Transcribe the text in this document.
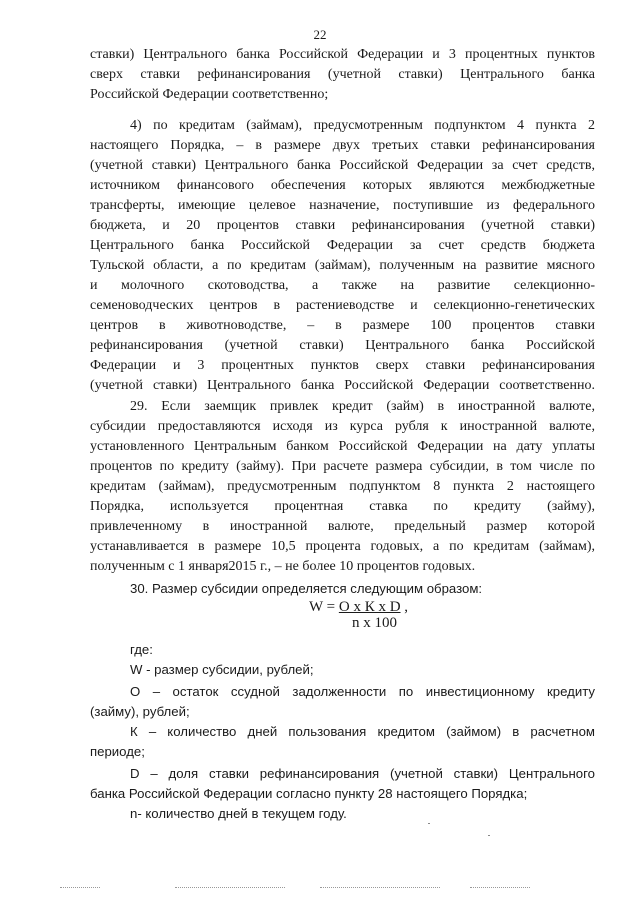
22
ставки) Центрального банка Российской Федерации и 3 процентных пунктов
сверх ставки рефинансирования (учетной ставки) Центрального банка
Российской Федерации соответственно;
4) по кредитам (займам), предусмотренным подпунктом 4 пункта 2
настоящего Порядка, – в размере двух третьих ставки рефинансирования
(учетной ставки) Центрального банка Российской Федерации за счет средств,
источником финансового обеспечения которых являются межбюджетные
трансферты, имеющие целевое назначение, поступившие из федерального
бюджета, и 20 процентов ставки рефинансирования (учетной ставки)
Центрального банка Российской Федерации за счет средств бюджета
Тульской области, а по кредитам (займам), полученным на развитие мясного
и молочного скотоводства, а также на развитие селекционно-
семеноводческих центров в растениеводстве и селекционно-генетических
центров в животноводстве, – в размере 100 процентов ставки
рефинансирования (учетной ставки) Центрального банка Российской
Федерации и 3 процентных пунктов сверх ставки рефинансирования
(учетной ставки) Центрального банка Российской Федерации соответственно.
29. Если заемщик привлек кредит (займ) в иностранной валюте,
субсидии предоставляются исходя из курса рубля к иностранной валюте,
установленного Центральным банком Российской Федерации на дату уплаты
процентов по кредиту (займу). При расчете размера субсидии, в том числе по
кредитам (займам), предусмотренным подпунктом 8 пункта 2 настоящего
Порядка, используется процентная ставка по кредиту (займу),
привлеченному в иностранной валюте, предельный размер которой
устанавливается в размере 10,5 процента годовых, а по кредитам (займам),
полученным с 1 января2015 г., – не более 10 процентов годовых.
30. Размер субсидии определяется следующим образом:
где:
W - размер субсидии, рублей;
О – остаток ссудной задолженности по инвестиционному кредиту
(займу), рублей;
К – количество дней пользования кредитом (займом) в расчетном
периоде;
D – доля ставки рефинансирования (учетной ставки) Центрального
банка Российской Федерации согласно пункту 28 настоящего Порядка;
n- количество дней в текущем году.
W = О х К х D ,
n х 100
